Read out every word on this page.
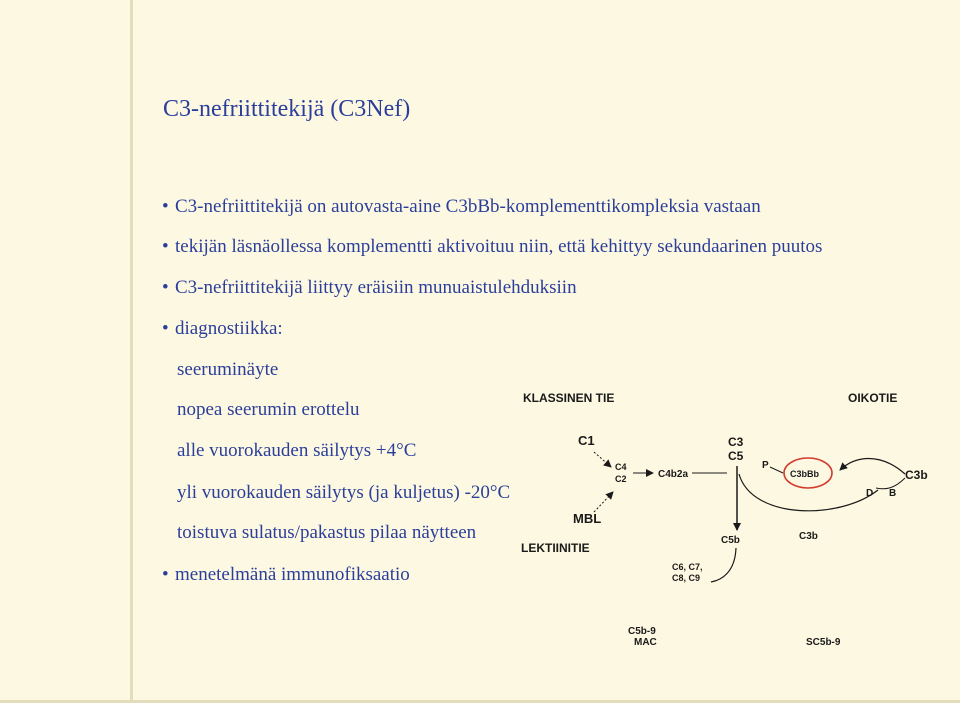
C3-nefriittitekijä (C3Nef)
• C3-nefriittitekijä on autovasta-aine C3bBb-komplementtikompleksia vastaan
• tekijän läsnäollessa komplementti aktivoituu niin, että kehittyy sekundaarinen puutos
• C3-nefriittitekijä liittyy eräisiin munuaistulehduksiin
• diagnostiikka:
seeruminäyte
nopea seerumin erottelu
alle vuorokauden säilytys +4°C
yli vuorokauden säilytys (ja kuljetus) -20°C
toistuva sulatus/pakastus pilaa näytteen
• menetelmänä immunofiksaatio
KLASSINEN TIE	OIKOTIE
LEKTIINITIE
C1
MBL
C4
C2	C4b2a
C3
C5
C5b	C3b
P
C3bBb	C3b
D B
C6, C7,
C8, C9
C5b-9
MAC	SC5b-9
